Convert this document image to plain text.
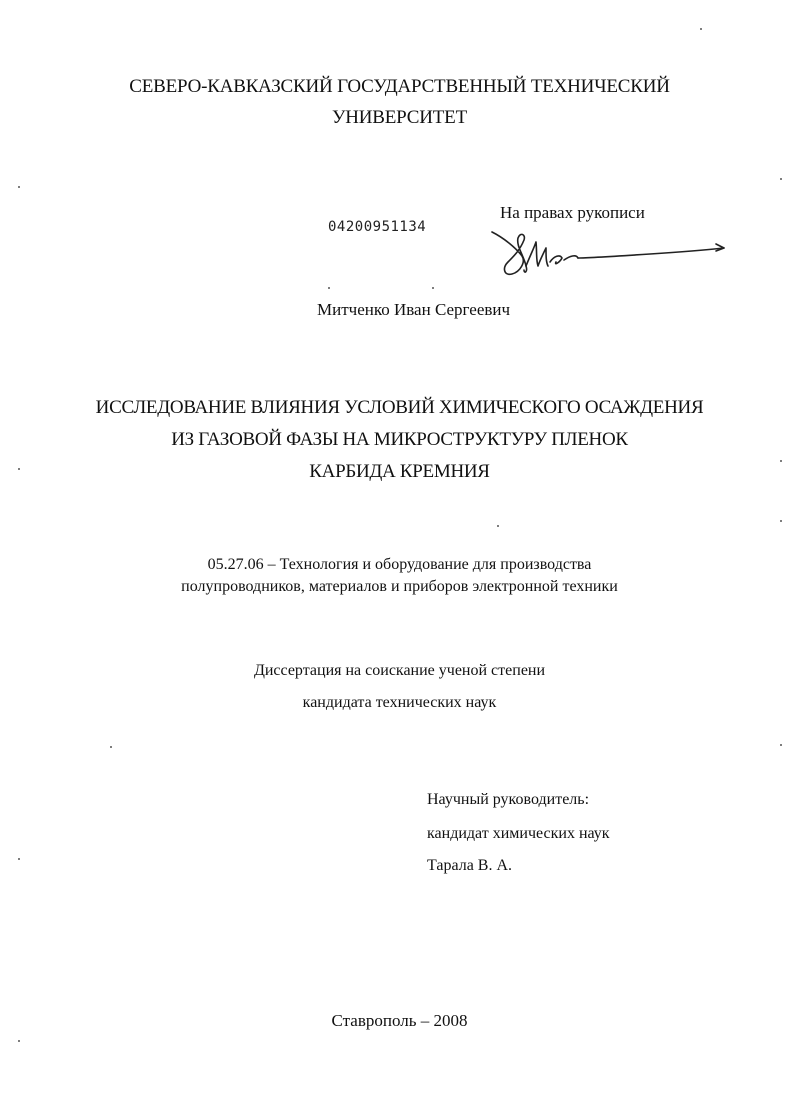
СЕВЕРО-КАВКАЗСКИЙ ГОСУДАРСТВЕННЫЙ ТЕХНИЧЕСКИЙ
УНИВЕРСИТЕТ
04200951134
На правах рукописи
Митченко Иван Сергеевич
ИССЛЕДОВАНИЕ ВЛИЯНИЯ УСЛОВИЙ ХИМИЧЕСКОГО ОСАЖДЕНИЯ
ИЗ ГАЗОВОЙ ФАЗЫ НА МИКРОСТРУКТУРУ ПЛЕНОК
КАРБИДА КРЕМНИЯ
05.27.06 – Технология и оборудование для производства
полупроводников, материалов и приборов электронной техники
Диссертация на соискание ученой степени
кандидата технических наук
Научный руководитель:
кандидат химических наук
Тарала В. А.
Ставрополь – 2008
